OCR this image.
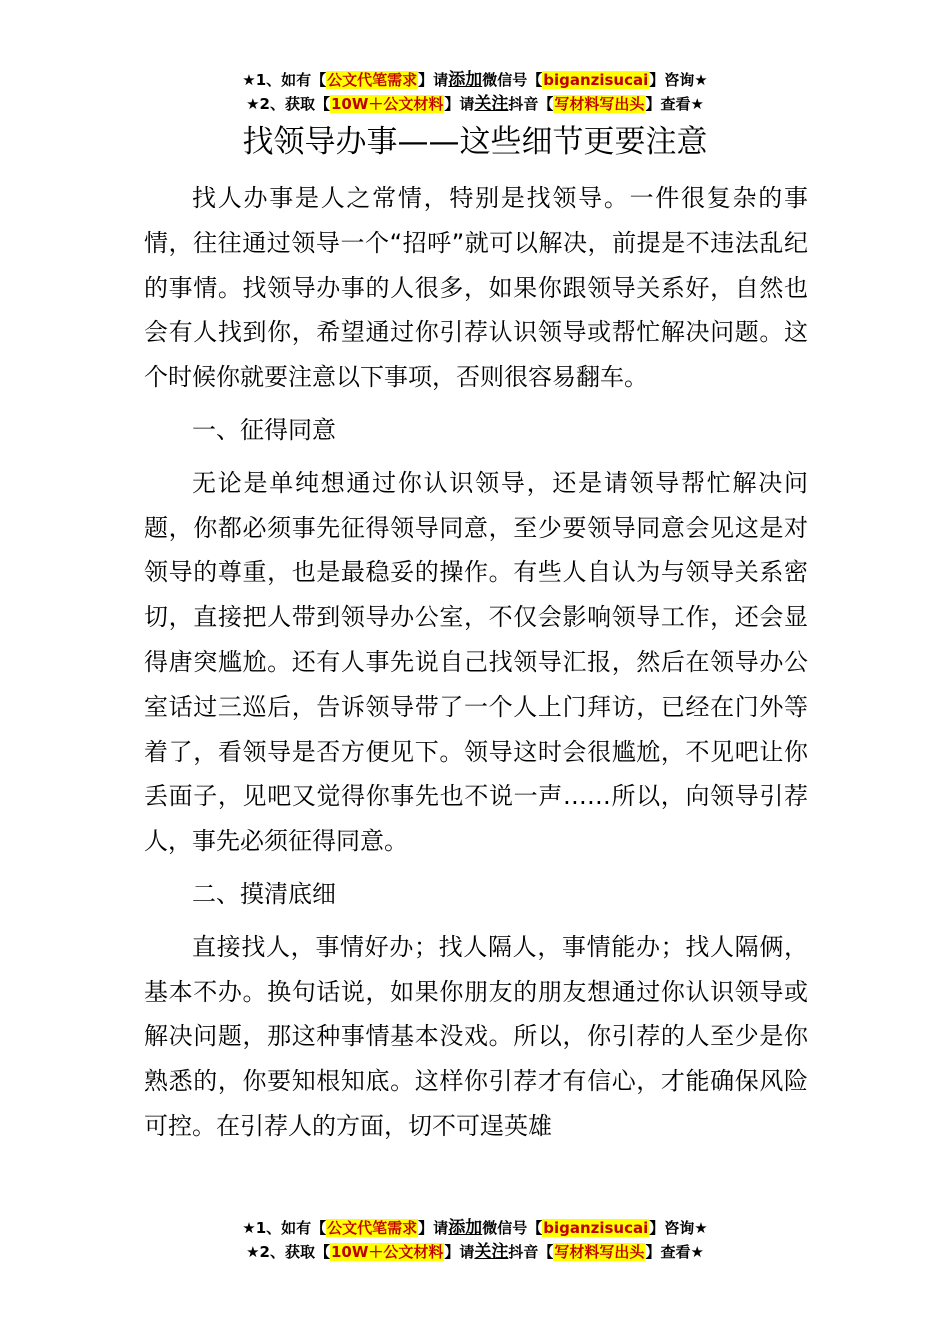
★1、如有【公文代笔需求】请添加微信号【biganzisucai】咨询★
★2、获取【10W＋公文材料】请关注抖音【写材料写出头】查看★
找领导办事——这些细节更要注意

找人办事是人之常情，特别是找领导。一件很复杂的事情，往往通过领导一个“招呼”就可以解决，前提是不违法乱纪的事情。找领导办事的人很多，如果你跟领导关系好，自然也会有人找到你，希望通过你引荐认识领导或帮忙解决问题。这个时候你就要注意以下事项，否则很容易翻车。

一、征得同意

无论是单纯想通过你认识领导，还是请领导帮忙解决问题，你都必须事先征得领导同意，至少要领导同意会见这是对领导的尊重，也是最稳妥的操作。有些人自认为与领导关系密切，直接把人带到领导办公室，不仅会影响领导工作，还会显得唐突尴尬。还有人事先说自己找领导汇报，然后在领导办公室话过三巡后，告诉领导带了一个人上门拜访，已经在门外等着了，看领导是否方便见下。领导这时会很尴尬，不见吧让你丢面子，见吧又觉得你事先也不说一声……所以，向领导引荐人，事先必须征得同意。

二、摸清底细

直接找人，事情好办；找人隔人，事情能办；找人隔俩，基本不办。换句话说，如果你朋友的朋友想通过你认识领导或解决问题，那这种事情基本没戏。所以，你引荐的人至少是你熟悉的，你要知根知底。这样你引荐才有信心，才能确保风险可控。在引荐人的方面，切不可逞英雄

★1、如有【公文代笔需求】请添加微信号【biganzisucai】咨询★
★2、获取【10W＋公文材料】请关注抖音【写材料写出头】查看★
